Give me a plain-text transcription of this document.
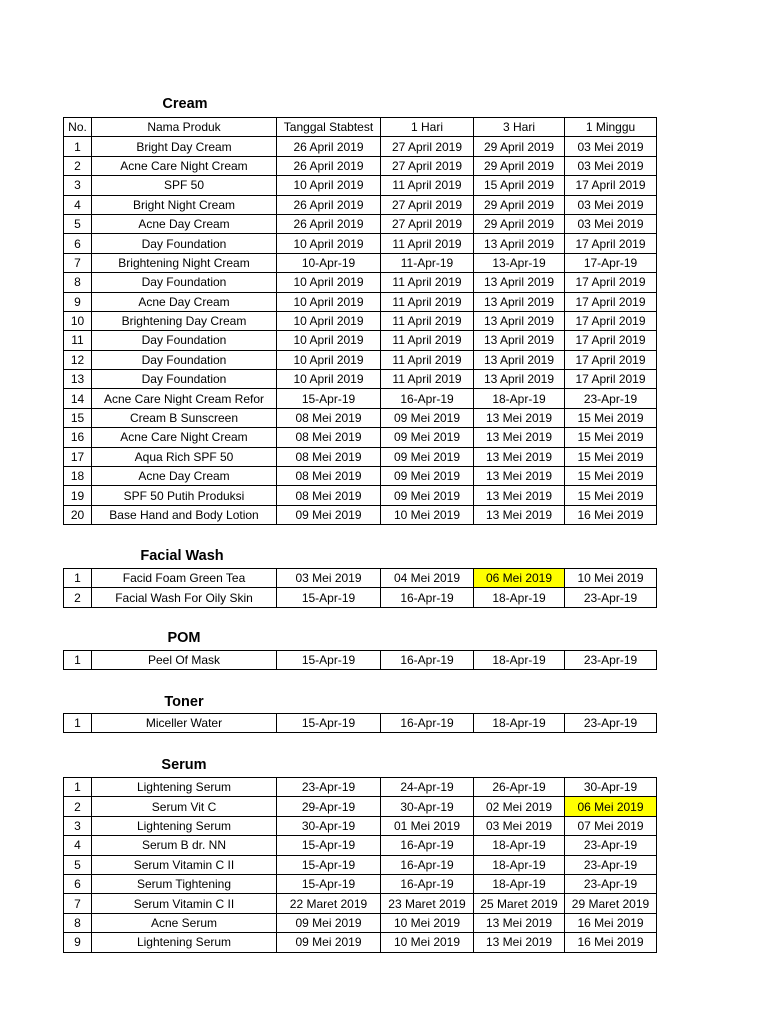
Cream
Facial Wash
POM
Toner
Serum
No.	Nama Produk	Tanggal Stabtest	1 Hari	3 Hari	1 Minggu
1	Bright Day Cream	26 April 2019	27 April 2019	29 April 2019	03 Mei 2019
2	Acne Care Night Cream	26 April 2019	27 April 2019	29 April 2019	03 Mei 2019
3	SPF 50	10 April 2019	11 April 2019	15 April 2019	17 April 2019
4	Bright Night Cream	26 April 2019	27 April 2019	29 April 2019	03 Mei 2019
5	Acne Day Cream	26 April 2019	27 April 2019	29 April 2019	03 Mei 2019
6	Day Foundation	10 April 2019	11 April 2019	13 April 2019	17 April 2019
7	Brightening Night Cream	10-Apr-19	11-Apr-19	13-Apr-19	17-Apr-19
8	Day Foundation	10 April 2019	11 April 2019	13 April 2019	17 April 2019
9	Acne Day Cream	10 April 2019	11 April 2019	13 April 2019	17 April 2019
10	Brightening Day Cream	10 April 2019	11 April 2019	13 April 2019	17 April 2019
11	Day Foundation	10 April 2019	11 April 2019	13 April 2019	17 April 2019
12	Day Foundation	10 April 2019	11 April 2019	13 April 2019	17 April 2019
13	Day Foundation	10 April 2019	11 April 2019	13 April 2019	17 April 2019
14	Acne Care Night Cream Refor	15-Apr-19	16-Apr-19	18-Apr-19	23-Apr-19
15	Cream B Sunscreen	08 Mei 2019	09 Mei 2019	13 Mei 2019	15 Mei 2019
16	Acne Care Night Cream	08 Mei 2019	09 Mei 2019	13 Mei 2019	15 Mei 2019
17	Aqua Rich SPF 50	08 Mei 2019	09 Mei 2019	13 Mei 2019	15 Mei 2019
18	Acne Day Cream	08 Mei 2019	09 Mei 2019	13 Mei 2019	15 Mei 2019
19	SPF 50 Putih Produksi	08 Mei 2019	09 Mei 2019	13 Mei 2019	15 Mei 2019
20	Base Hand and Body Lotion	09 Mei 2019	10 Mei 2019	13 Mei 2019	16 Mei 2019
1	Facid Foam Green Tea	03 Mei 2019	04 Mei 2019	06 Mei 2019	10 Mei 2019
2	Facial Wash For Oily Skin	15-Apr-19	16-Apr-19	18-Apr-19	23-Apr-19
1	Peel Of Mask	15-Apr-19	16-Apr-19	18-Apr-19	23-Apr-19
1	Miceller Water	15-Apr-19	16-Apr-19	18-Apr-19	23-Apr-19
1	Lightening Serum	23-Apr-19	24-Apr-19	26-Apr-19	30-Apr-19
2	Serum Vit C	29-Apr-19	30-Apr-19	02 Mei 2019	06 Mei 2019
3	Lightening Serum	30-Apr-19	01 Mei 2019	03 Mei 2019	07 Mei 2019
4	Serum B dr. NN	15-Apr-19	16-Apr-19	18-Apr-19	23-Apr-19
5	Serum Vitamin C II	15-Apr-19	16-Apr-19	18-Apr-19	23-Apr-19
6	Serum Tightening	15-Apr-19	16-Apr-19	18-Apr-19	23-Apr-19
7	Serum Vitamin C II	22 Maret 2019	23 Maret 2019	25 Maret 2019	29 Maret 2019
8	Acne Serum	09 Mei 2019	10 Mei 2019	13 Mei 2019	16 Mei 2019
9	Lightening Serum	09 Mei 2019	10 Mei 2019	13 Mei 2019	16 Mei 2019
